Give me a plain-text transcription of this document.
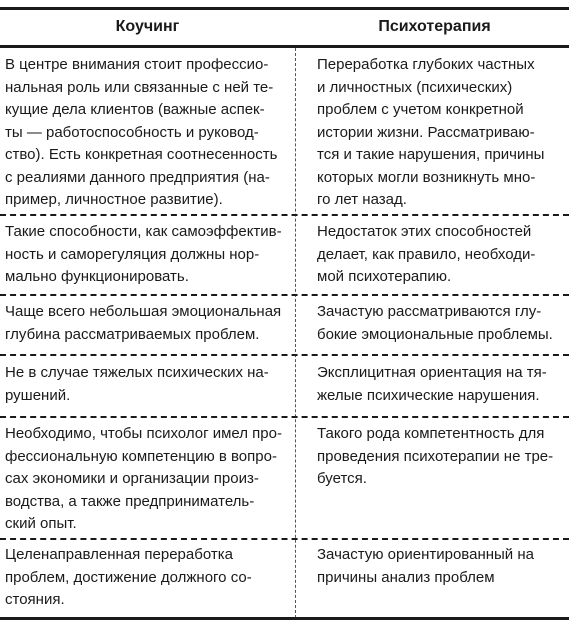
Коучинг	Психотерапия
В центре внимания стоит профессио-
нальная роль или связанные с ней те-
кущие дела клиентов (важные аспек-
ты — работоспособность и руковод-
ство). Есть конкретная соотнесенность
с реалиями данного предприятия (на-
пример, личностное развитие).
Переработка глубоких частных
и личностных (психических)
проблем с учетом конкретной
истории жизни. Рассматриваю-
тся и такие нарушения, причины
которых могли возникнуть мно-
го лет назад.
Такие способности, как самоэффектив-
ность и саморегуляция должны нор-
мально функционировать.
Недостаток этих способностей
делает, как правило, необходи-
мой психотерапию.
Чаще всего небольшая эмоциональная
глубина рассматриваемых проблем.
Зачастую рассматриваются глу-
бокие эмоциональные проблемы.
Не в случае тяжелых психических на-
рушений.
Эксплицитная ориентация на тя-
желые психические нарушения.
Необходимо, чтобы психолог имел про-
фессиональную компетенцию в вопро-
сах экономики и организации произ-
водства, а также предприниматель-
ский опыт.
Такого рода компетентность для
проведения психотерапии не тре-
буется.
Целенаправленная переработка
проблем, достижение должного со-
стояния.
Зачастую ориентированный на
причины анализ проблем
